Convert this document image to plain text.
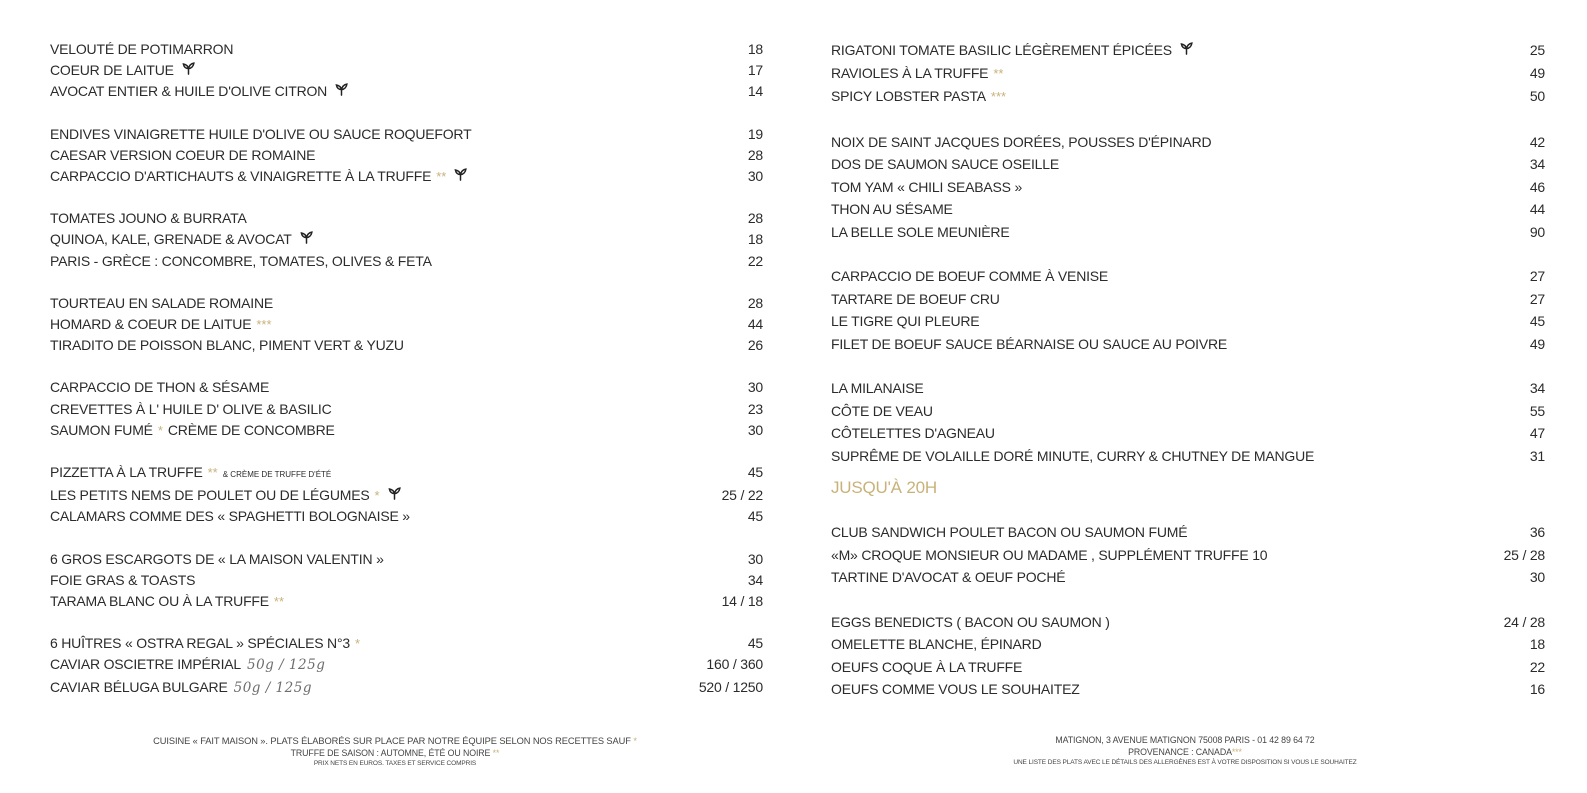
VELOUTÉ DE POTIMARRON	18
COEUR DE LAITUE	17
AVOCAT ENTIER & HUILE D'OLIVE CITRON	14
ENDIVES VINAIGRETTE HUILE D'OLIVE OU SAUCE ROQUEFORT	19
CAESAR VERSION COEUR DE ROMAINE	28
CARPACCIO D'ARTICHAUTS & VINAIGRETTE À LA TRUFFE **	30
TOMATES JOUNO & BURRATA	28
QUINOA, KALE, GRENADE & AVOCAT	18
PARIS - GRÈCE : CONCOMBRE, TOMATES, OLIVES & FETA	22
TOURTEAU EN SALADE ROMAINE	28
HOMARD & COEUR DE LAITUE ***	44
TIRADITO DE POISSON BLANC, PIMENT VERT & YUZU	26
CARPACCIO DE THON & SÉSAME	30
CREVETTES À L' HUILE D' OLIVE & BASILIC	23
SAUMON FUMÉ * CRÈME DE CONCOMBRE	30
PIZZETTA À LA TRUFFE ** & CRÈME DE TRUFFE D'ÉTÉ	45
LES PETITS NEMS DE POULET OU DE LÉGUMES *	25 / 22
CALAMARS COMME DES « SPAGHETTI BOLOGNAISE »	45
6 GROS ESCARGOTS DE « LA MAISON VALENTIN »	30
FOIE GRAS & TOASTS	34
TARAMA BLANC OU À LA TRUFFE **	14 / 18
6 HUÎTRES « OSTRA REGAL » SPÉCIALES N°3 *	45
CAVIAR OSCIETRE IMPÉRIAL 50g / 125g	160 / 360
CAVIAR BÉLUGA BULGARE 50g / 125g	520 / 1250
CUISINE « FAIT MAISON ». PLATS ÉLABORÉS SUR PLACE PAR NOTRE ÉQUIPE SELON NOS RECETTES SAUF *
TRUFFE DE SAISON : AUTOMNE, ÉTÉ OU NOIRE **
PRIX NETS EN EUROS. TAXES ET SERVICE COMPRIS
RIGATONI TOMATE BASILIC LÉGÈREMENT ÉPICÉES	25
RAVIOLES À LA TRUFFE **	49
SPICY LOBSTER PASTA ***	50
NOIX DE SAINT JACQUES DORÉES, POUSSES D'ÉPINARD	42
DOS DE SAUMON SAUCE OSEILLE	34
TOM YAM « CHILI SEABASS »	46
THON AU SÉSAME	44
LA BELLE SOLE MEUNIÈRE	90
CARPACCIO DE BOEUF COMME À VENISE	27
TARTARE DE BOEUF CRU	27
LE TIGRE QUI PLEURE	45
FILET DE BOEUF SAUCE BÉARNAISE OU SAUCE AU POIVRE	49
LA MILANAISE	34
CÔTE DE VEAU	55
CÔTELETTES D'AGNEAU	47
SUPRÊME DE VOLAILLE DORÉ MINUTE, CURRY & CHUTNEY DE MANGUE	31
JUSQU'À 20H
CLUB SANDWICH POULET BACON OU SAUMON FUMÉ	36
«M» CROQUE MONSIEUR OU MADAME , SUPPLÉMENT TRUFFE 10	25 / 28
TARTINE D'AVOCAT & OEUF POCHÉ	30
EGGS BENEDICTS ( BACON OU SAUMON )	24 / 28
OMELETTE BLANCHE, ÉPINARD	18
OEUFS COQUE À LA TRUFFE	22
OEUFS COMME VOUS LE SOUHAITEZ	16
MATIGNON, 3 AVENUE MATIGNON 75008 PARIS - 01 42 89 64 72
PROVENANCE : CANADA***
UNE LISTE DES PLATS AVEC LE DÉTAILS DES ALLERGÈNES EST À VOTRE DISPOSITION SI VOUS LE SOUHAITEZ
